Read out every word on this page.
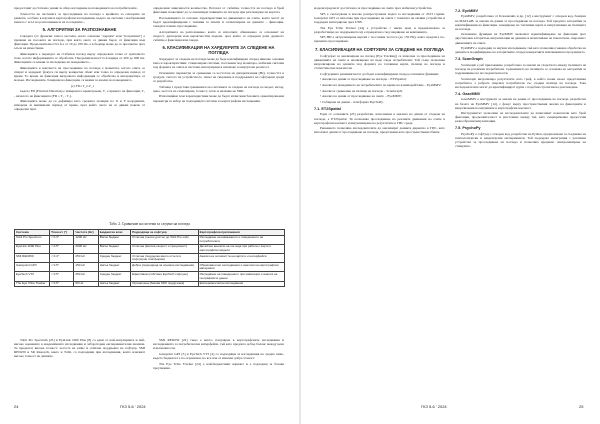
предоставят достатъчно данни за общо изследване на поведението на потребителите.

Точността на системата за проследяване на погледа е крайната за сензорите на рамката, особено в научни и картографски изследвания, където на системи с изображения нашето с ъгъл на разпознаване и на последните...

5. АЛГОРИТМИ ЗА РАЗПОЗНАВАНЕ

Сакадата (от френски глагол saccader, което означава "дърпам" или "потрепвам") е промяна на посоката на погледа, при която окото се движи бързо от фиксация към фиксация. Продължителността ѝ е от 10 до 100 ms, а в бъдеще може да се пресметне чрез ъгъла на изместване.

Фиксацията е периодът на стабилен поглед върху определена точка от зрителното поле, когато информацията се обработва. Продължителността ѝ варира от 200 до 600 ms. Фиксациите са важни за изследване на поведението...

Фиксацията в контекста на проследяване на погледа е моментът, когато очите се спират и задържат фокуса си върху конкретен обект или точка за определен период от време. То време на фиксация визуалната информация се обработва и интерпретира от мозъка. Изследваните, базирани на фиксации, са важни за анализ на поведението.

(1) FD=T_2-T_1

където FD (Fixation Duration) е измереното времетраене, T₁ е времето на фиксация, T₂ - началото на фиксацията (FD = T₂ - T₁).

Фиксацията може да се дефинира като средната позиция по X и Y координати, измерена за минимален период от време, през който окото не се движи повече от определен праг.

определени зависимости количества. Потокът от събития, точността на погледа и брой фиксации позволяват да се анализират навиците на погледа при разглеждане на картата.

Изследванията са основно характеристики на движението на очите, които могат да бъдат идентифицирани с техники за анализ и сегментиране на данните – фиксации, сакади и плавно проследяване.

Алгоритмите на разпознаване, които се използват, обикновено се основават на скорост, дисперсия или вероятностни модели, чрез които се определя дали даденото събитие е фиксация или сакада.

6. КЛАСИФИКАЦИЯ НА ХАРДУЕРИТЕ ЗА СЛЕДЕНЕ НА ПОГЛЕДА

Хардуерът за следене на погледа може да бъде класифициран според няколко основни типа и характеристики: стационарни системи, поставени под монитора, мобилни системи под формата на очила и системи, интегрирани в шлемове за виртуална реалност.

Основните параметри за сравнение са честотата на дискретизация (Hz), точността в градуси, теглото на устройството, типът на свързване и поддръжката на софтуерни среди за разработка.

Таблица 1 представя сравнението на системите за следене на погледа по модел, метод, цена, честота на семплиране, точност, тегло и наличие на SDK.

Използвайки тези характеристики може да бъдат изчислени базовите ориентировъчни параметри за избор на подходящата система за картографски изследвания.

Табл. 2. Сравнение на системи за следене на погледа
Система	Точност (°)	Честота (Hz)	Бюджетен клас	Подходяща за софтуер	Картографски приложения
Tobii Pro Spectrum	< 0.3°	1200 Hz	Висок бюджет	Отлична (пълен достъп до Tobii Pro Lab)	Изследване на вниманието и поведението на потребителите
EyeLink 1000 Plus	< 0.5°	2000 Hz	Висок бюджет	Отлична (висока скорост и прецизност)	Детайлни анализи на погледа при работа с карти и картографски модели
SMI RED250	< 0.4°	250 Hz	Среден бюджет	Отлична (поддържа много отчети и софтуерни платформи)	Анализ на четимостта на картите и интерфейси
Gazepoint GP3	< 0.5°	150 Hz	Нисък бюджет	Добра (подходяща за основни изследвания)	Образователни изследвания и анализи на картографски материали
EyeTech VT3	< 0.5°	250 Hz	Среден бюджет	Ефективна (собствен EyeTech софтуер)	Изследване на поведението при навигация и анализ на географските данни
The Eye Tribe Tracker	< 0.5°	60 Hz	Нисък бюджет	Ограничена (базова SDK поддръжка)	Експериментални изследвания

Tobii Pro Spectrum [23] и EyeLink 1000 Plus [8] са едни от най-популярните и най-високо оценените в академичните изследвания и лабораторни експериментални анализи. Те предлагат висока точност, честота на запис и отлична поддръжка на софтуер. SMI RED250 и SR Research, както и Tobii, са подходящи при изследвания, които изискват висока точност на данните.

SMI RED250 [22] също е много популярен в картографските изследвания и изследванията за потребителски интерфейси, тъй като предлага добър баланс между цена и възможности.

Gazepoint GP3 [5] и EyeTech VT3 [4] са подходящи за изследвания на средно ниво, където бюджетът е по-ограничен, но все пак се изисква добра точност.

The Eye Tribe Tracker [24] е най-бюджетният вариант и е подходящ за базови проучвания.

24	ГКЗ 5-6 ' 2024

модели предлагат достатъчна за проследяване на очите чрез мобилни устройства.

SP3 е съгласувана и масово разпространена модел за изследвания от 2013 година. Gazepoint GP3 се използва при проследяване на очите с помощта на евтини устройства и поддържа интегриране чрез USB.

The Eye Tribe Tracker [24] е устройство с ниска цена и предназначено за разработчици, но поддръжката му е прекратена след закриване на компанията.

SP3 HD е актуализирана версия с по-голяма честота (до 150 Hz), която предлага по-прецизно проследяване.

7. КЛАСИФИКАЦИЯ НА СОФТУЕРИ ЗА СЛЕДЕНЕ НА ПОГЛЕДА

Софтуерът за анализиране на поглед (Eye Tracking) се използва за проследяване на движенията на очите и анализиране на къде гледа потребителят. Той също позволява визуализиране на данните под формата на топлинни карти, пътища на погледа и статистически показатели.

Софтуерните решения могат да бъдат класифицирани според основните функции:

• Анализ на данни от проследяване на погледа – ET2Spalial;

• Анализ на поведението на потребителите по време на взаимодействие – EyeMMV;

• Анализ и сравнение на пътища на погледа – ScanGraph;

• Анализ на данни от проследяване на очите – EyeMMV;

• Събиране на данни – платформа PsychoPy.

7.1. ET2Spatial

Една от основните [23] разработки, използвани в анализа на данни от следене на погледа, е ET2Spatial. Тя позволява проследяване на реалните движения на очите в картографски контекст и визуализиране на резултатите в ГИС среда.

Решението позволява изследователите да анализират данните директно в ГИС, като използват данни от проследяване на погледа, представени като пространствени обекти.

7.2. EyeMMV

EyeMMV, разработена от Krassanakis и др. [12] е инструмент с отворен код, базиран на MATLAB, за анализ на данни от проследяване на погледа. Той предлага алгоритми за идентификация на фиксации, генериране на топлинни карти и визуализация на пътищата на погледа.

Основните функции на EyeMMV включват идентифициране на фиксации чрез двустепенен алгоритъм, визуализация на данните и изчисляване на показатели, свързани с движенията на очите.

EyeMMV е подходящ за научни изследвания, тъй като позволява гъвкава обработка на данните и модифициране на алгоритмите според конкретните изисквания на проучването.

7.3. ScanGraph

ScanGraph е уеб приложение, разработено за анализ на сходството между пътищата на погледа на различни потребители. Сравнението на пътищата се основава на алгоритми за подравняване на последователности.

ScanGraph визуализира резултатите като граф, в който всеки възел представлява потребител, а ребрата свързват потребители със сходни пътища на погледа. Така изследователите могат да идентифицират групи с подобни стратегии на разглеждане.

7.4. GazeMMV

GazeMMV е инструмент за анализ на данни от проследяване на погледа, разработен на базата на EyeMMV [14], с фокус върху пространствения анализ на фиксациите и визуализация на метриките в картографски контекст.

Инструментът позволява на изследователите да изчисляват показатели като брой фиксации, продължителност и разстояние между тях, като същевременно предоставя разнообразни визуализации.

7.5. PsychoPy

PsychoPy е софтуер с отворен код, разработен на Python, предназначен за създаване на психологически и невронаучни експерименти. Той поддържа интеграция с различни устройства за проследяване на погледа и позволява прецизно синхронизиране на стимулите.

ГКЗ 5-6 ' 2024	25
